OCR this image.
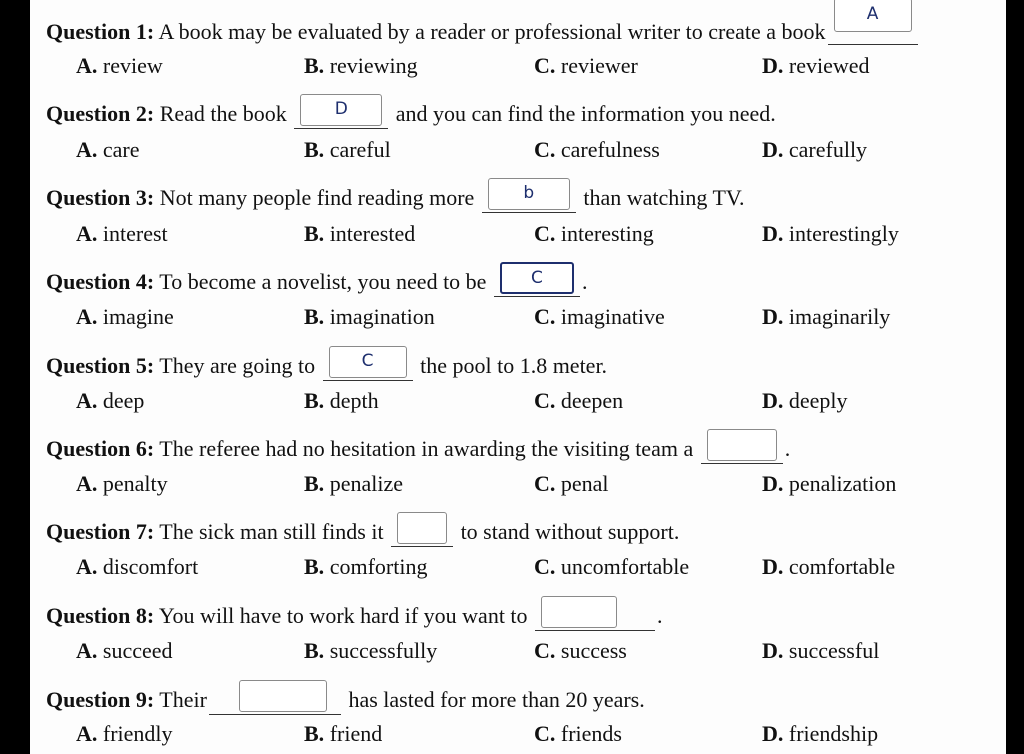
Question 1: A book may be evaluated by a reader or professional writer to create a book
A
A. review	B. reviewing	C. reviewer	D. reviewed
Question 2: Read the book	D	and you can find the information you need.
A. care	B. careful	C. carefulness	D. carefully
Question 3: Not many people find reading more	b	than watching TV.
A. interest	B. interested	C. interesting	D. interestingly
Question 4: To become a novelist, you need to be	C	.
A. imagine	B. imagination	C. imaginative	D. imaginarily
Question 5: They are going to	C	the pool to 1.8 meter.
A. deep	B. depth	C. deepen	D. deeply
Question 6: The referee had no hesitation in awarding the visiting team a	.
A. penalty	B. penalize	C. penal	D. penalization
Question 7: The sick man still finds it	to stand without support.
A. discomfort	B. comforting	C. uncomfortable	D. comfortable
Question 8: You will have to work hard if you want to	.
A. succeed	B. successfully	C. success	D. successful
Question 9: Their	has lasted for more than 20 years.
A. friendly	B. friend	C. friends	D. friendship
